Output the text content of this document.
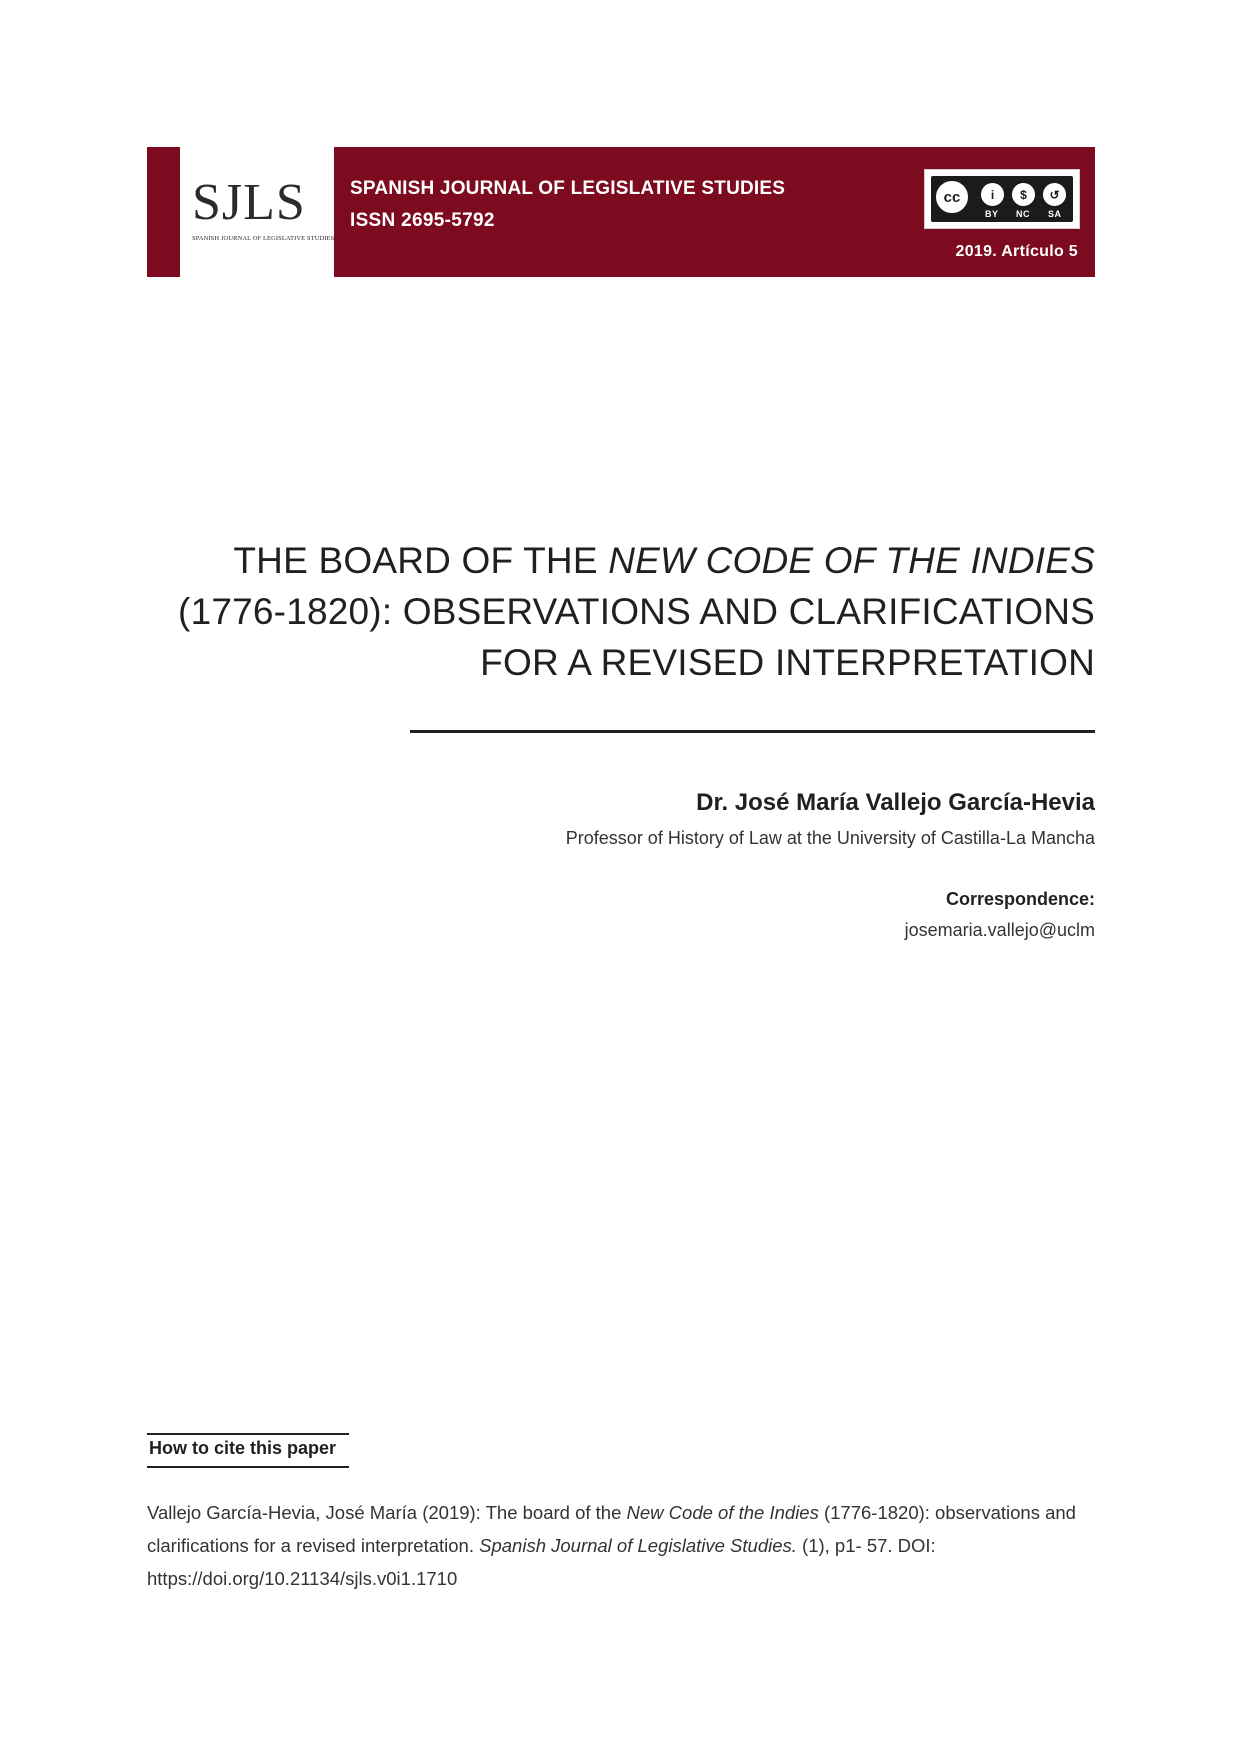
SJLS
SPANISH JOURNAL OF LEGISLATIVE STUDIES
SPANISH JOURNAL OF LEGISLATIVE STUDIES
ISSN 2695-5792
cc	i	$	↺
BY NC SA
2019. Artículo 5
THE BOARD OF THE NEW CODE OF THE INDIES
(1776-1820): OBSERVATIONS AND CLARIFICATIONS
FOR A REVISED INTERPRETATION
Dr. José María Vallejo García-Hevia
Professor of History of Law at the University of Castilla-La Mancha
Correspondence:
josemaria.vallejo@uclm
How to cite this paper
Vallejo García-Hevia, José María (2019): The board of the New Code of the Indies (1776-1820): observations and clarifications for a revised interpretation. Spanish Journal of Legislative Studies. (1), p1- 57. DOI: https://doi.org/10.21134/sjls.v0i1.1710
